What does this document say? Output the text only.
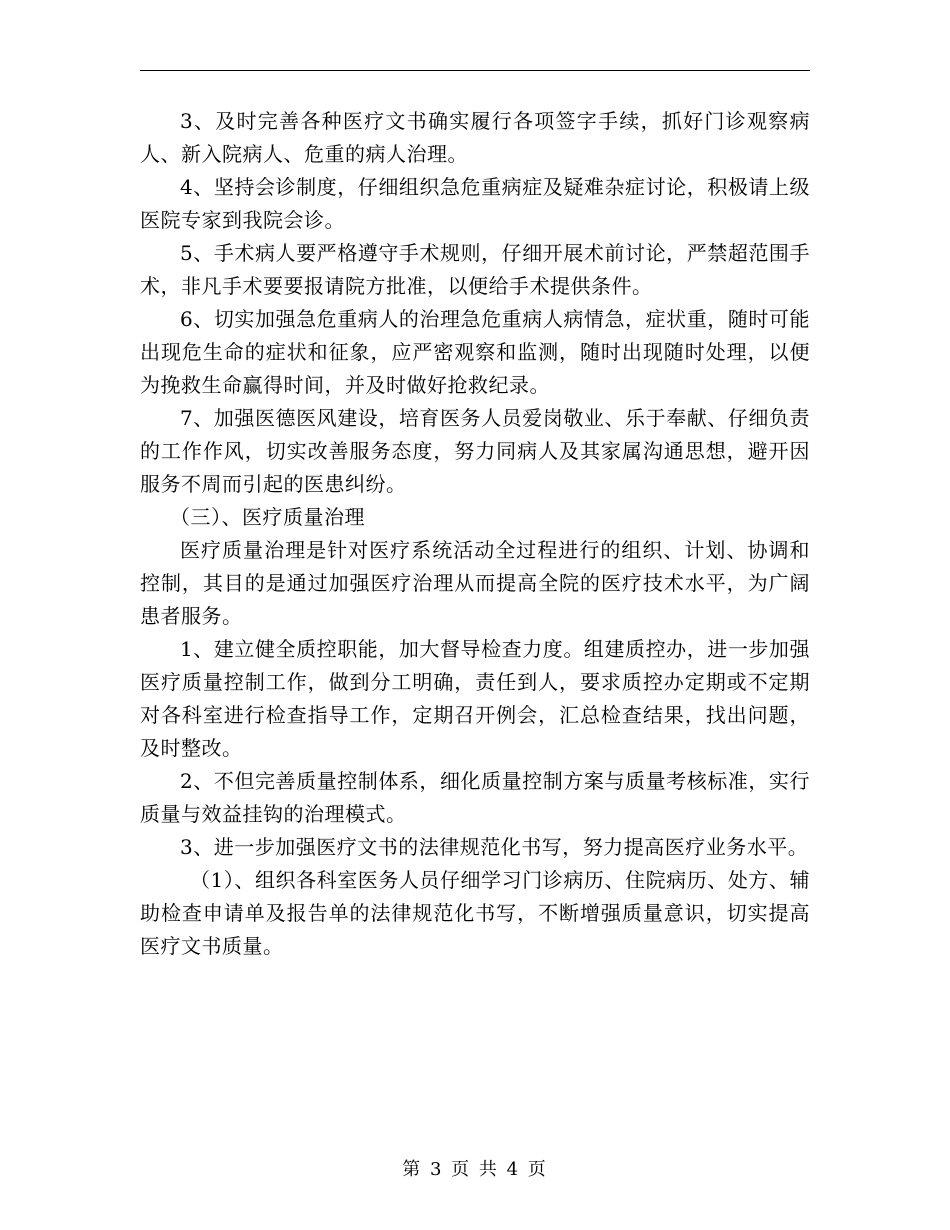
3、及时完善各种医疗文书确实履行各项签字手续，抓好门诊观察病人、新入院病人、危重的病人治理。

4、坚持会诊制度，仔细组织急危重病症及疑难杂症讨论，积极请上级医院专家到我院会诊。

5、手术病人要严格遵守手术规则，仔细开展术前讨论，严禁超范围手术，非凡手术要要报请院方批准，以便给手术提供条件。

6、切实加强急危重病人的治理急危重病人病情急，症状重，随时可能出现危生命的症状和征象，应严密观察和监测，随时出现随时处理，以便为挽救生命赢得时间，并及时做好抢救纪录。

7、加强医德医风建设，培育医务人员爱岗敬业、乐于奉献、仔细负责的工作作风，切实改善服务态度，努力同病人及其家属沟通思想，避开因服务不周而引起的医患纠纷。

（三）、医疗质量治理

医疗质量治理是针对医疗系统活动全过程进行的组织、计划、协调和控制，其目的是通过加强医疗治理从而提高全院的医疗技术水平，为广阔患者服务。

1、建立健全质控职能，加大督导检查力度。组建质控办，进一步加强医疗质量控制工作，做到分工明确，责任到人，要求质控办定期或不定期对各科室进行检查指导工作，定期召开例会，汇总检查结果，找出问题，及时整改。

2、不但完善质量控制体系，细化质量控制方案与质量考核标准，实行质量与效益挂钩的治理模式。

3、进一步加强医疗文书的法律规范化书写，努力提高医疗业务水平。

（1）、组织各科室医务人员仔细学习门诊病历、住院病历、处方、辅助检查申请单及报告单的法律规范化书写，不断增强质量意识，切实提高医疗文书质量。

第 3 页 共 4 页
